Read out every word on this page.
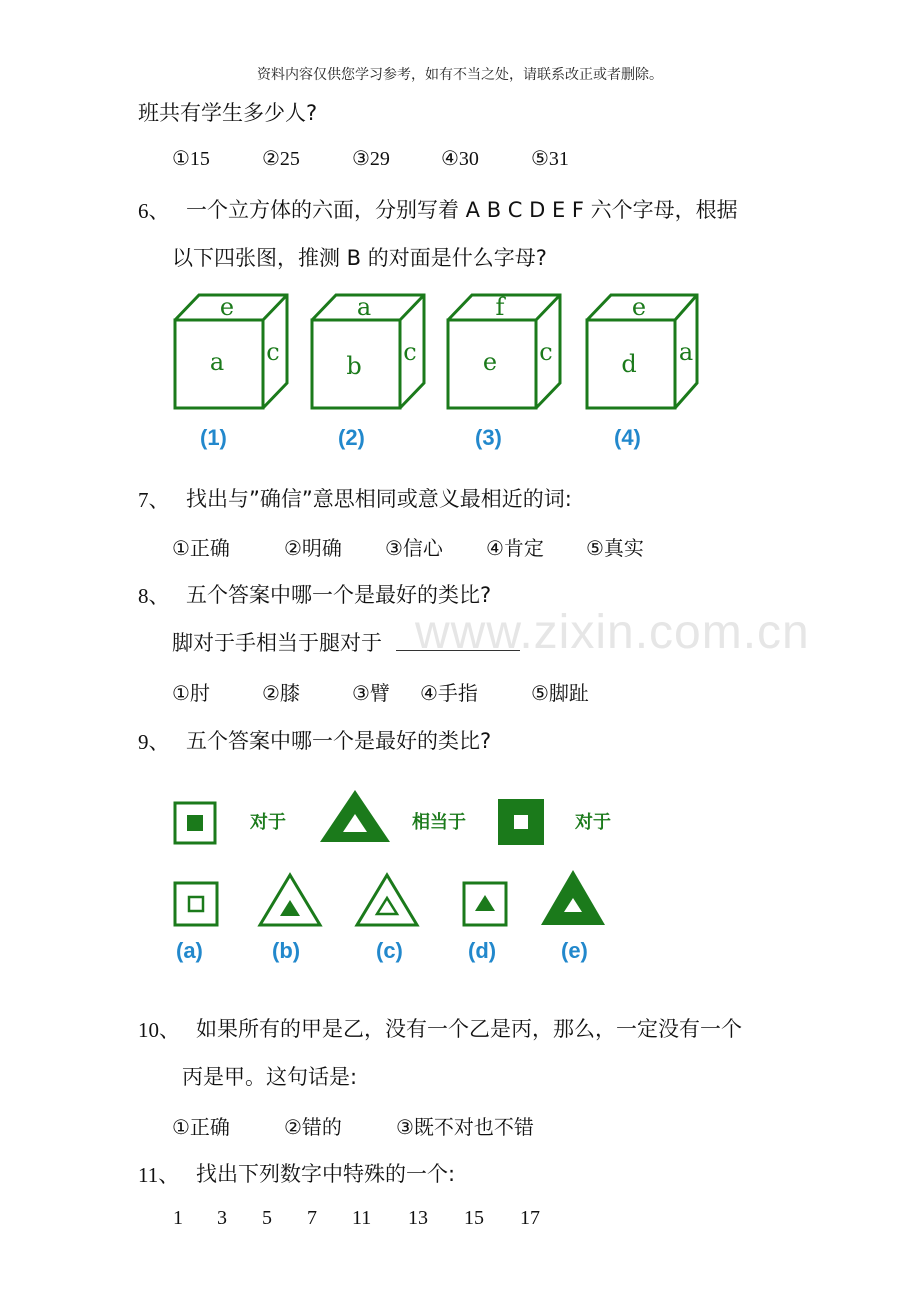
资料内容仅供您学习参考，如有不当之处，请联系改正或者删除。
www.zixin.com.cn
班共有学生多少人?
①15	②25	③29	④30	⑤31
6、 一个立方体的六面，分别写着 A B C D E F 六个字母，根据
以下四张图，推测 B 的对面是什么字母?
e
a c
a
b c
f
e c
e
d a
(1)	(2)	(3)	(4)
7、 找出与”确信”意思相同或意义最相近的词:
①正确	②明确 ③信心 ④肯定 ⑤真实
8、 五个答案中哪一个是最好的类比?
脚对于手相当于腿对于
①肘	②膝	③臂 ④手指	⑤脚趾
9、 五个答案中哪一个是最好的类比?
对于	相当于	对于
(a)	(b)	(c)	(d)	(e)
10、 如果所有的甲是乙，没有一个乙是丙，那么，一定没有一个
丙是甲。这句话是:
①正确	②错的	③既不对也不错
11、 找出下列数字中特殊的一个:
1 3 5 7 11 13 15 17
